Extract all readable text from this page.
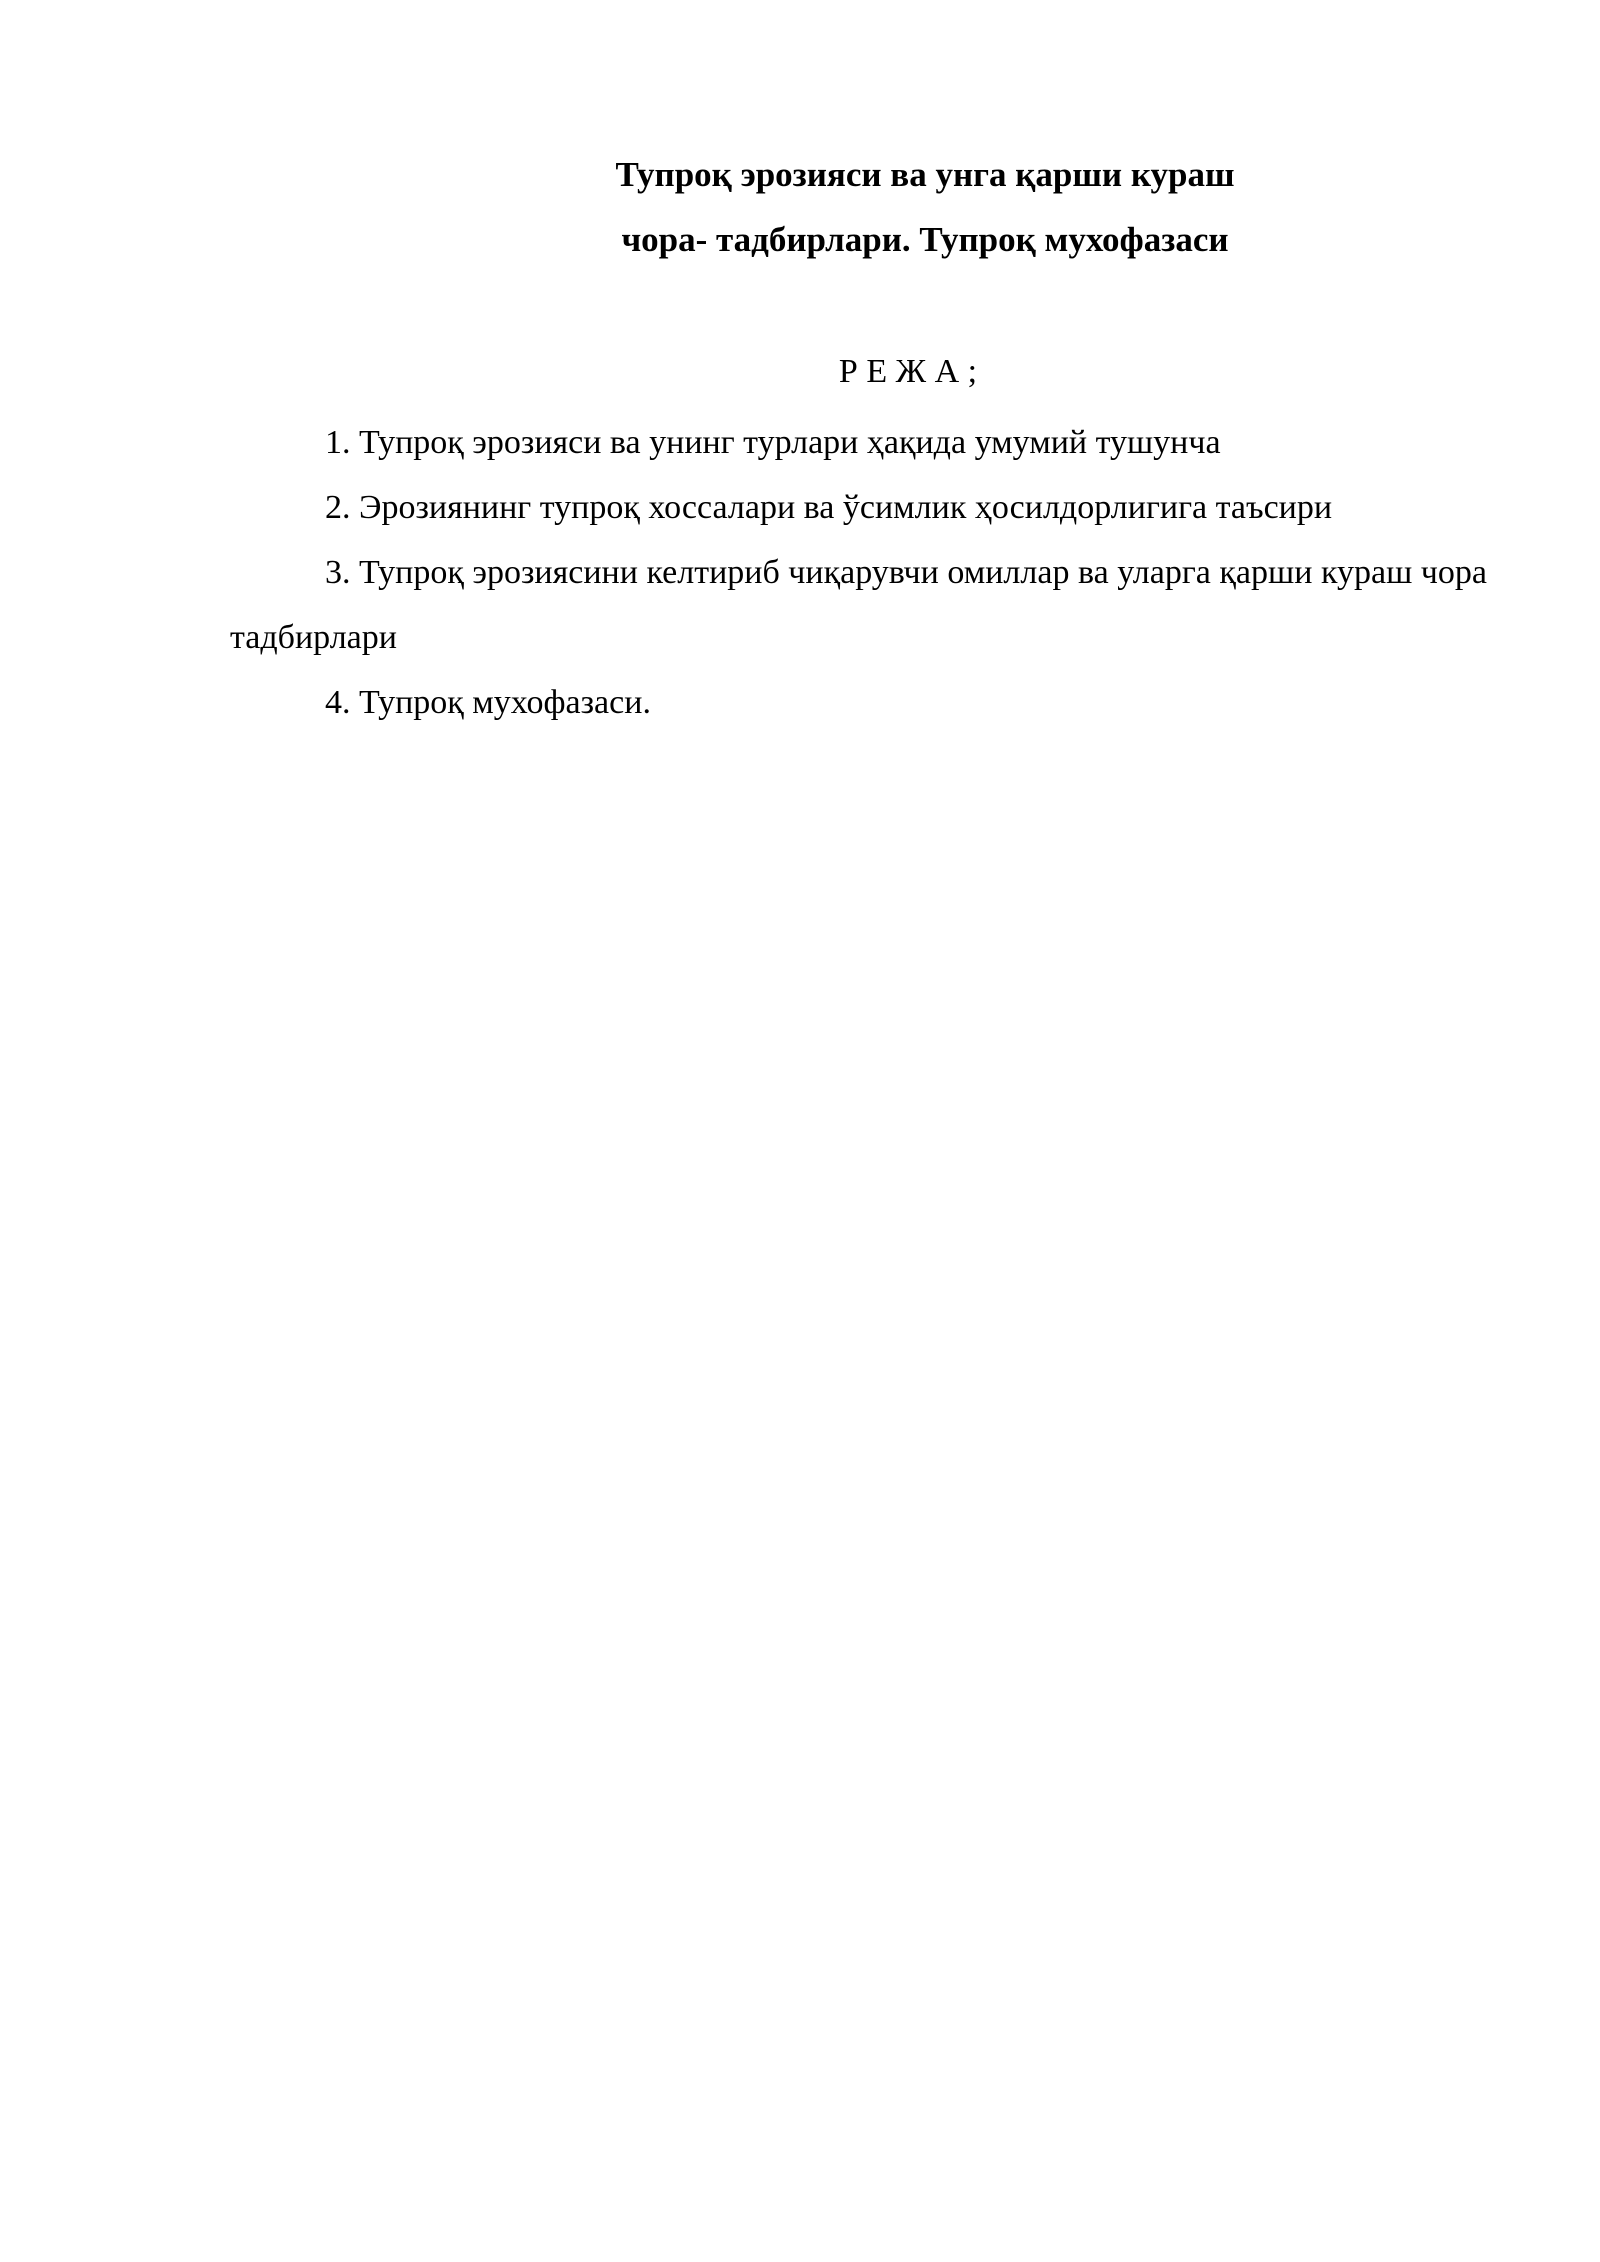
Тупроқ эрозияси ва унга қарши кураш
чора- тадбирлари. Тупроқ мухофазаси
Р Е Ж А ;
1. Тупроқ эрозияси ва унинг турлари ҳақида умумий тушунча
2. Эрозиянинг тупроқ хоссалари ва ўсимлик ҳосилдорлигига таъсири
3. Тупроқ эрозиясини келтириб чиқарувчи омиллар ва уларга қарши кураш чора тадбирлари
4. Тупроқ мухофазаси.
